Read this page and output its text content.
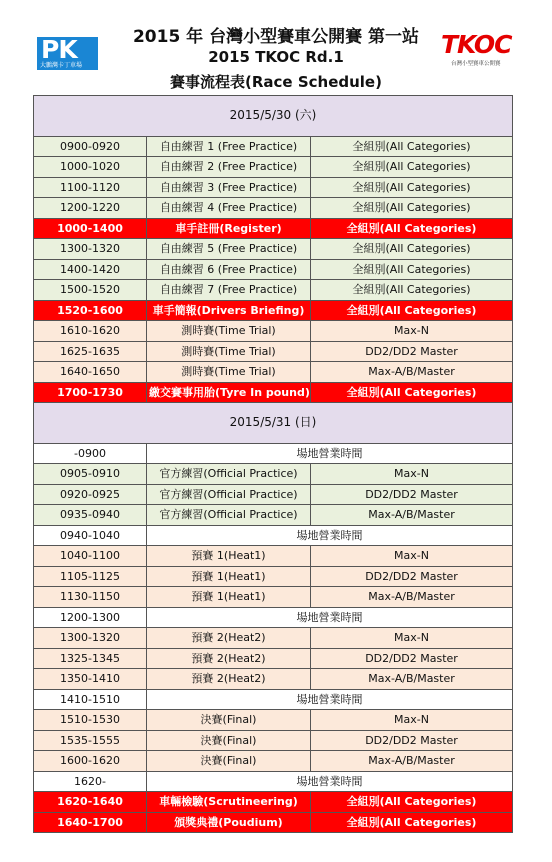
PK
大鵬灣卡丁車場
2015 年 台灣小型賽車公開賽 第一站
2015 TKOC Rd.1
賽事流程表(Race Schedule)
TKOC
台灣小型賽車公開賽
2015/5/30 (六)		
0900-0920	自由練習 1 (Free Practice)	全組別(All Categories)
1000-1020	自由練習 2 (Free Practice)	全組別(All Categories)
1100-1120	自由練習 3 (Free Practice)	全組別(All Categories)
1200-1220	自由練習 4 (Free Practice)	全組別(All Categories)
1000-1400	車手註冊(Register)	全組別(All Categories)
1300-1320	自由練習 5 (Free Practice)	全組別(All Categories)
1400-1420	自由練習 6 (Free Practice)	全組別(All Categories)
1500-1520	自由練習 7 (Free Practice)	全組別(All Categories)
1520-1600	車手簡報(Drivers Briefing)	全組別(All Categories)
1610-1620	測時賽(Time Trial)	Max-N
1625-1635	測時賽(Time Trial)	DD2/DD2 Master
1640-1650	測時賽(Time Trial)	Max-A/B/Master
1700-1730	繳交賽事用胎(Tyre In pound)	全組別(All Categories)
2015/5/31 (日)		
-0900	場地營業時間	
0905-0910	官方練習(Official Practice)	Max-N
0920-0925	官方練習(Official Practice)	DD2/DD2 Master
0935-0940	官方練習(Official Practice)	Max-A/B/Master
0940-1040	場地營業時間	
1040-1100	預賽 1(Heat1)	Max-N
1105-1125	預賽 1(Heat1)	DD2/DD2 Master
1130-1150	預賽 1(Heat1)	Max-A/B/Master
1200-1300	場地營業時間	
1300-1320	預賽 2(Heat2)	Max-N
1325-1345	預賽 2(Heat2)	DD2/DD2 Master
1350-1410	預賽 2(Heat2)	Max-A/B/Master
1410-1510	場地營業時間	
1510-1530	決賽(Final)	Max-N
1535-1555	決賽(Final)	DD2/DD2 Master
1600-1620	決賽(Final)	Max-A/B/Master
1620-	場地營業時間	
1620-1640	車輛檢驗(Scrutineering)	全組別(All Categories)
1640-1700	頒獎典禮(Poudium)	全組別(All Categories)
